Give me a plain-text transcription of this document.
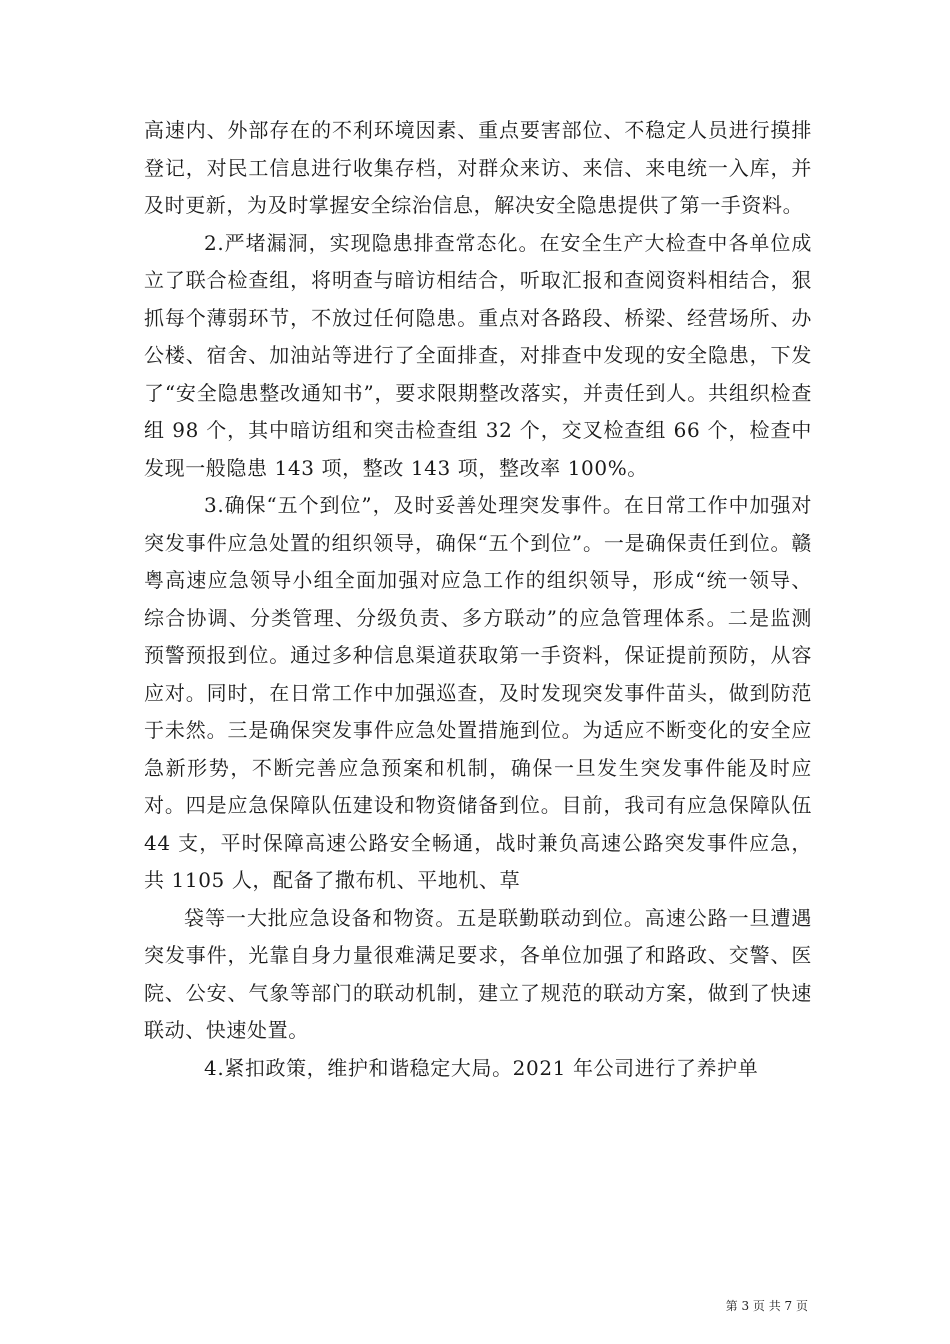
高速内、外部存在的不利环境因素、重点要害部位、不稳定人员进行摸排登记，对民工信息进行收集存档，对群众来访、来信、来电统一入库，并及时更新，为及时掌握安全综治信息，解决安全隐患提供了第一手资料。

2.严堵漏洞，实现隐患排查常态化。在安全生产大检查中各单位成立了联合检查组，将明查与暗访相结合，听取汇报和查阅资料相结合，狠抓每个薄弱环节，不放过任何隐患。重点对各路段、桥梁、经营场所、办公楼、宿舍、加油站等进行了全面排查，对排查中发现的安全隐患，下发了“安全隐患整改通知书”，要求限期整改落实，并责任到人。共组织检查组 98 个，其中暗访组和突击检查组 32 个，交叉检查组 66 个，检查中发现一般隐患 143 项，整改 143 项，整改率 100%。

3.确保“五个到位”，及时妥善处理突发事件。在日常工作中加强对突发事件应急处置的组织领导，确保“五个到位”。一是确保责任到位。赣粤高速应急领导小组全面加强对应急工作的组织领导，形成“统一领导、综合协调、分类管理、分级负责、多方联动”的应急管理体系。二是监测预警预报到位。通过多种信息渠道获取第一手资料，保证提前预防，从容应对。同时，在日常工作中加强巡查，及时发现突发事件苗头，做到防范于未然。三是确保突发事件应急处置措施到位。为适应不断变化的安全应急新形势，不断完善应急预案和机制，确保一旦发生突发事件能及时应对。四是应急保障队伍建设和物资储备到位。目前，我司有应急保障队伍 44 支，平时保障高速公路安全畅通，战时兼负高速公路突发事件应急，共 1105 人，配备了撒布机、平地机、草

袋等一大批应急设备和物资。五是联勤联动到位。高速公路一旦遭遇突发事件，光靠自身力量很难满足要求，各单位加强了和路政、交警、医院、公安、气象等部门的联动机制，建立了规范的联动方案，做到了快速联动、快速处置。

4.紧扣政策，维护和谐稳定大局。2021 年公司进行了养护单

第 3 页 共 7 页
